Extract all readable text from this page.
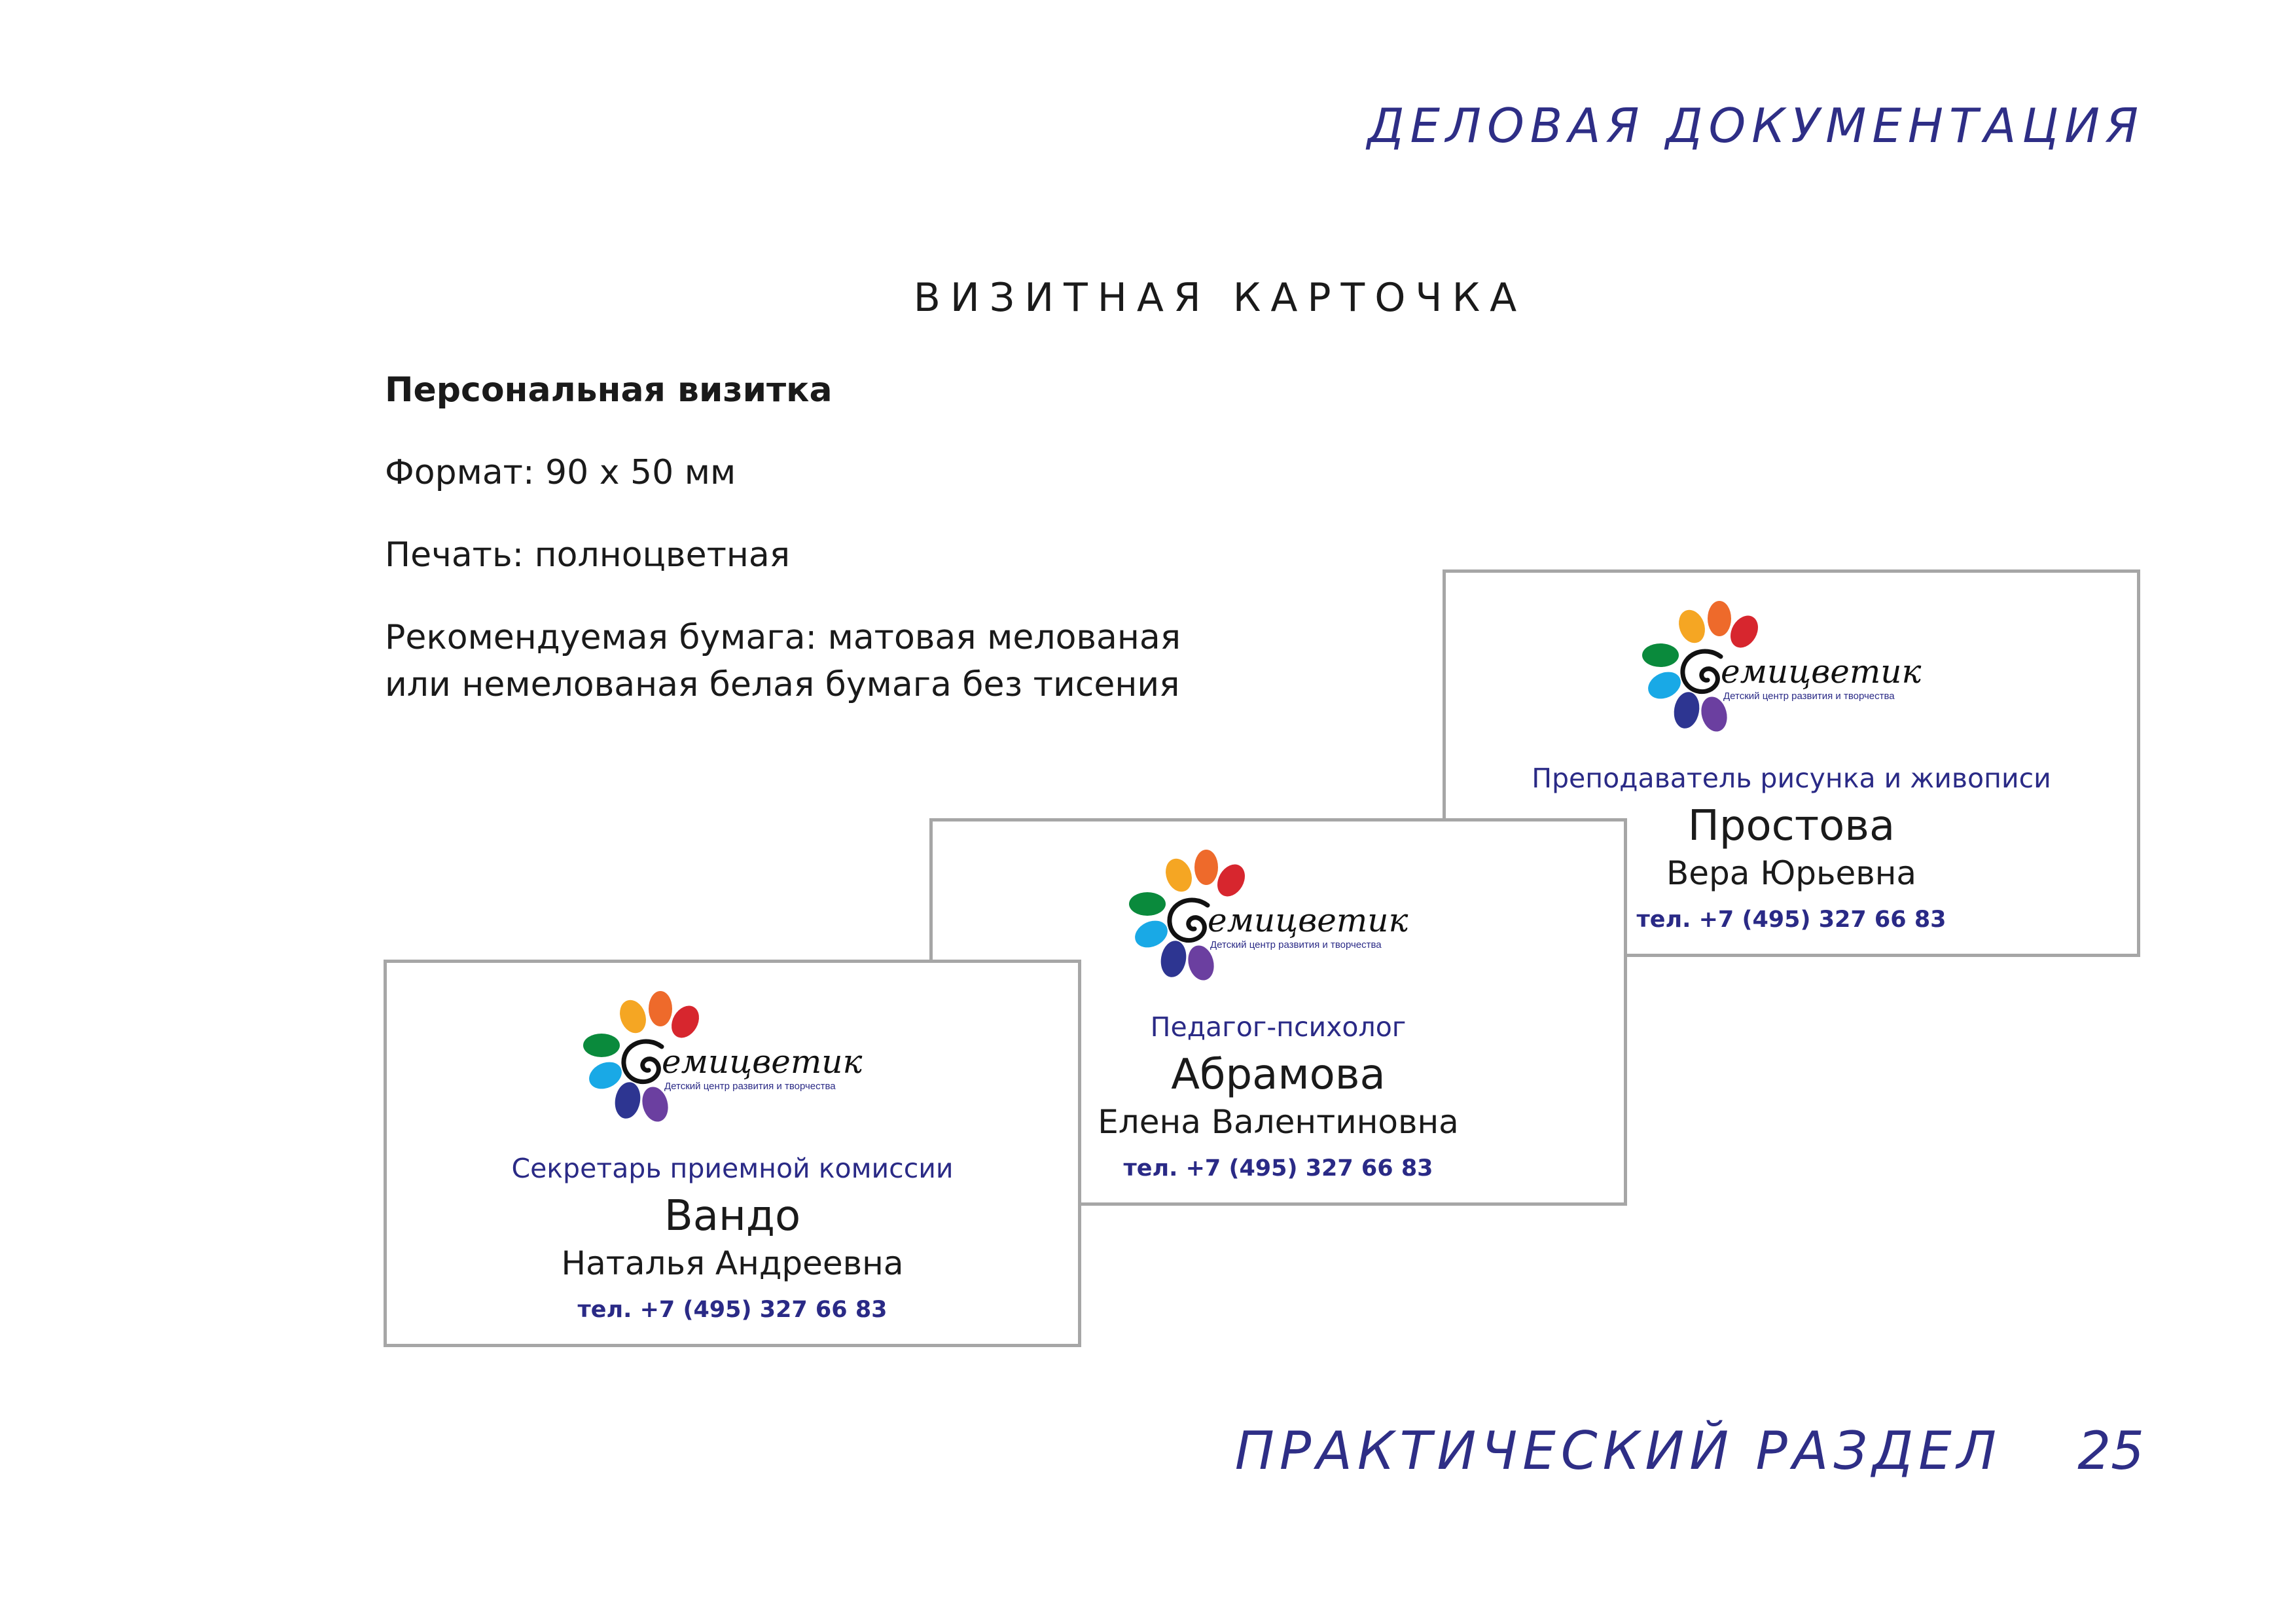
ДЕЛОВАЯ ДОКУМЕНТАЦИЯ
ВИЗИТНАЯ КАРТОЧКА
Персональная визитка
Формат: 90 х 50 мм
Печать: полноцветная
Рекомендуемая бумага: матовая мелованая
или немелованая белая бумага без тисения	емицветик
Детский центр развития и творчества
Преподаватель рисунка и живописи
Простова
Вера Юрьевна
тел. +7 (495) 327 66 83
емицветик
Детский центр развития и творчества
Педагог-психолог
Абрамова
Елена Валентиновна
тел. +7 (495) 327 66 83
емицветик
Детский центр развития и творчества
Секретарь приемной комиссии
Вандо
Наталья Андреевна
тел. +7 (495) 327 66 83
ПРАКТИЧЕСКИЙ РАЗДЕЛ 25
